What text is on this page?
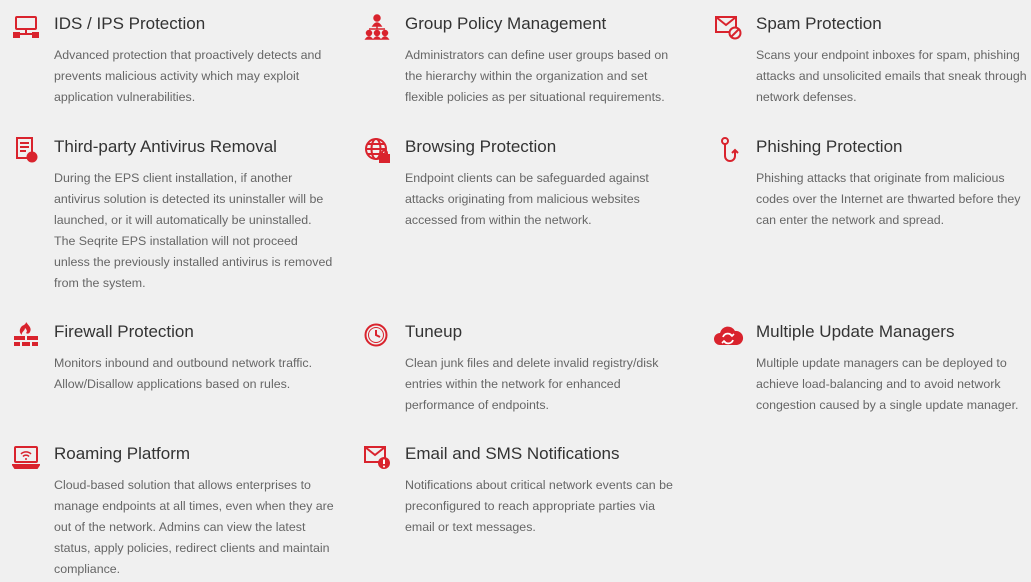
IDS / IPS Protection

Advanced protection that proactively detects and prevents malicious activity which may exploit application vulnerabilities.

Group Policy Management

Administrators can define user groups based on the hierarchy within the organization and set flexible policies as per situational requirements.

Spam Protection

Scans your endpoint inboxes for spam, phishing attacks and unsolicited emails that sneak through network defenses.

Third-party Antivirus Removal

During the EPS client installation, if another antivirus solution is detected its uninstaller will be launched, or it will automatically be uninstalled. The Seqrite EPS installation will not proceed unless the previously installed antivirus is removed from the system.

Browsing Protection

Endpoint clients can be safeguarded against attacks originating from malicious websites accessed from within the network.

Phishing Protection

Phishing attacks that originate from malicious codes over the Internet are thwarted before they can enter the network and spread.

Firewall Protection

Monitors inbound and outbound network traffic. Allow/Disallow applications based on rules.

Tuneup

Clean junk files and delete invalid registry/disk entries within the network for enhanced performance of endpoints.

Multiple Update Managers

Multiple update managers can be deployed to achieve load-balancing and to avoid network congestion caused by a single update manager.

Roaming Platform

Cloud-based solution that allows enterprises to manage endpoints at all times, even when they are out of the network. Admins can view the latest status, apply policies, redirect clients and maintain compliance.

Email and SMS Notifications

Notifications about critical network events can be preconfigured to reach appropriate parties via email or text messages.
